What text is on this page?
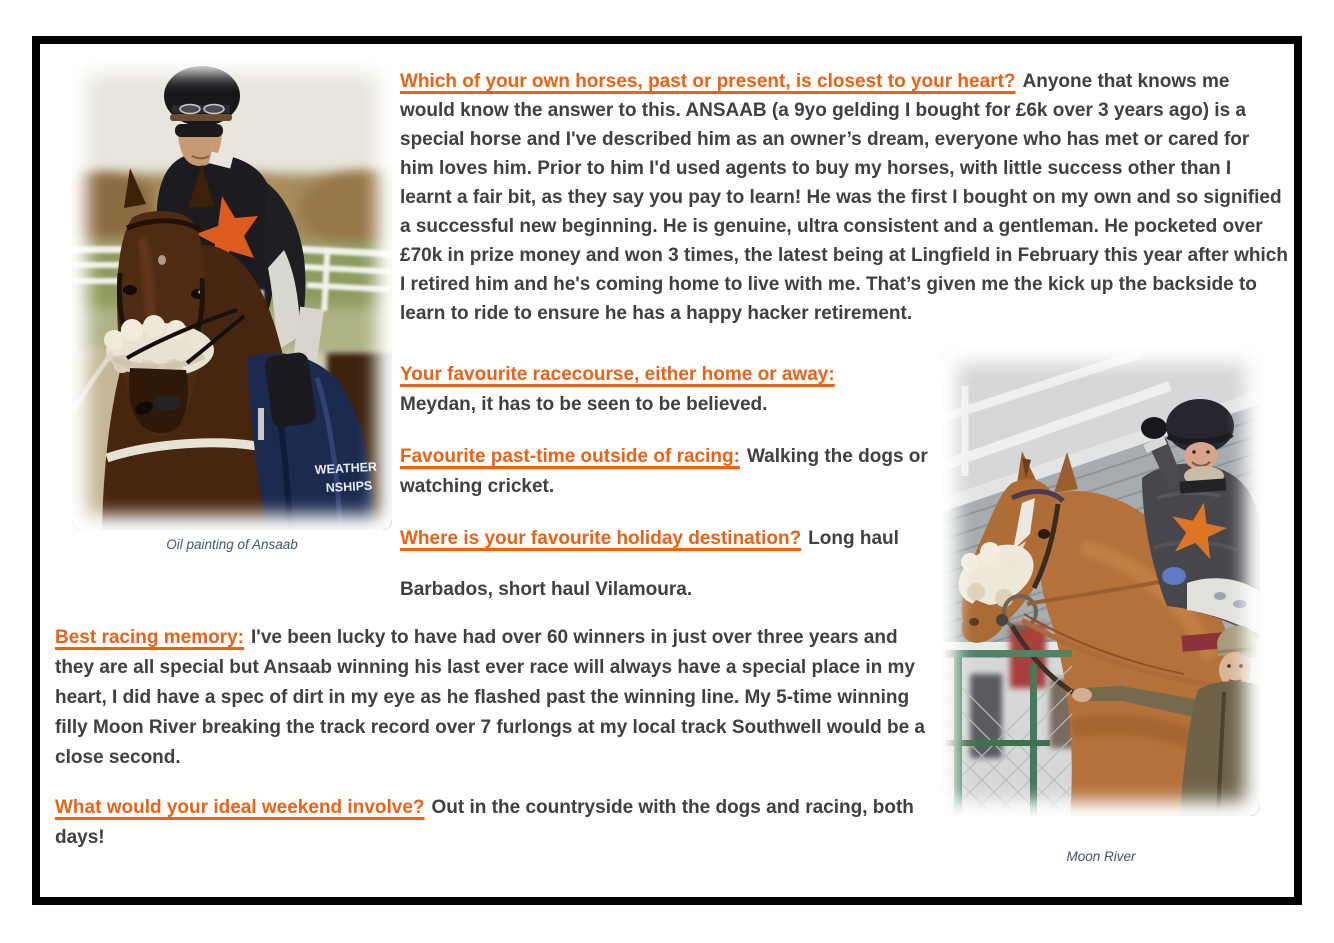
WEATHER
NSHIPS
Oil painting of Ansaab
Moon River

Which of your own horses, past or present, is closest to your heart? Anyone that knows me would know the answer to this. ANSAAB (a 9yo gelding I bought for £6k over 3 years ago) is a special horse and I've described him as an owner’s dream, everyone who has met or cared for him loves him. Prior to him I'd used agents to buy my horses, with little success other than I learnt a fair bit, as they say you pay to learn! He was the first I bought on my own and so signified a successful new beginning. He is genuine, ultra consistent and a gentleman. He pocketed over £70k in prize money and won 3 times, the latest being at Lingfield in February this year after which I retired him and he's coming home to live with me. That’s given me the kick up the backside to learn to ride to ensure he has a happy hacker retirement.

Your favourite racecourse, either home or away:
Meydan, it has to be seen to be believed.

Favourite past-time outside of racing: Walking the dogs or watching cricket.

Where is your favourite holiday destination? Long haul
Barbados, short haul Vilamoura.

Best racing memory: I've been lucky to have had over 60 winners in just over three years and they are all special but Ansaab winning his last ever race will always have a special place in my heart, I did have a spec of dirt in my eye as he flashed past the winning line. My 5-time winning filly Moon River breaking the track record over 7 furlongs at my local track Southwell would be a close second.

What would your ideal weekend involve? Out in the countryside with the dogs and racing, both days!
